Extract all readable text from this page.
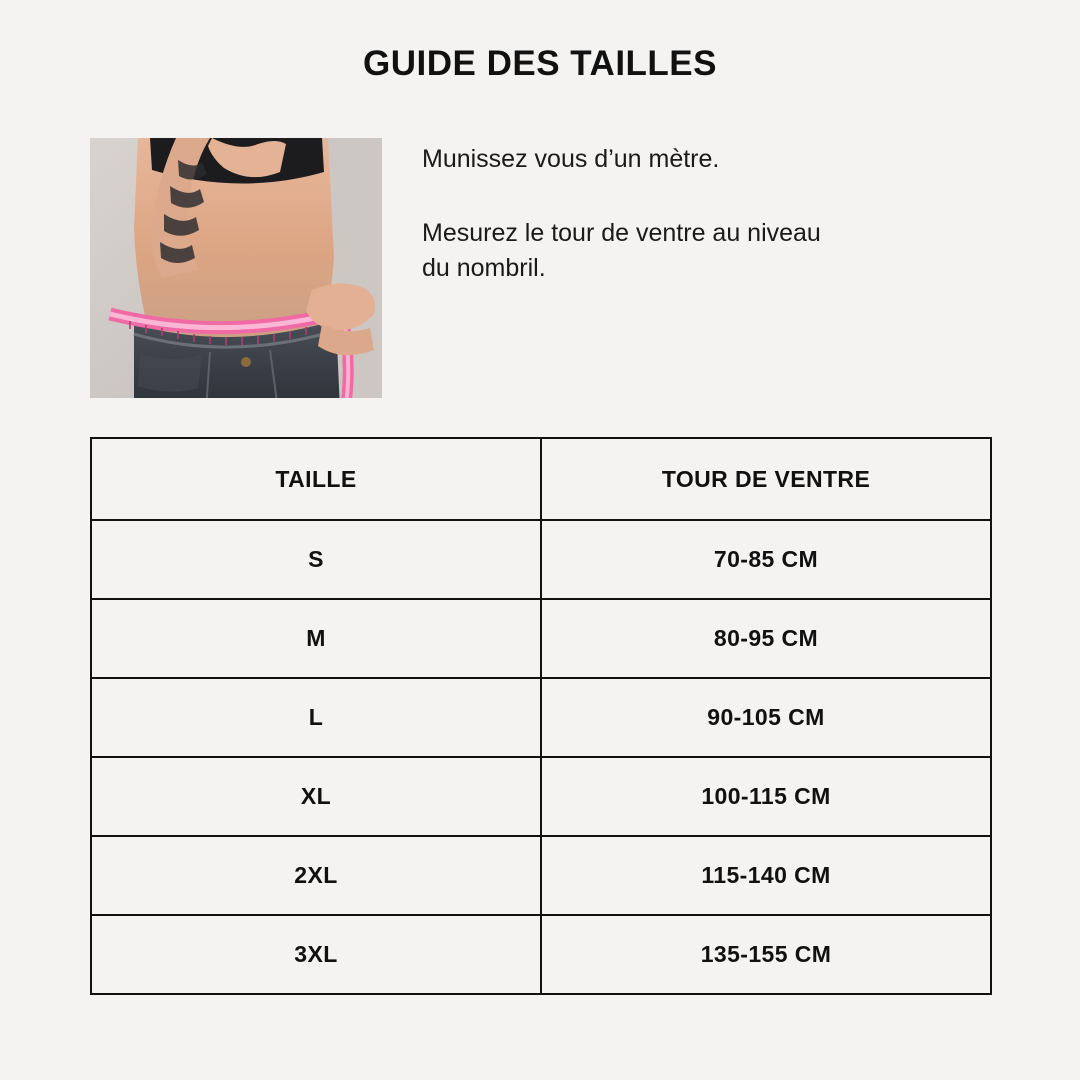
GUIDE DES TAILLES
Munissez vous d’un mètre.
Mesurez le tour de ventre au niveau
du nombril.
TAILLE	TOUR DE VENTRE
S	70-85 CM
M	80-95 CM
L	90-105 CM
XL	100-115 CM
2XL	115-140 CM
3XL	135-155 CM
